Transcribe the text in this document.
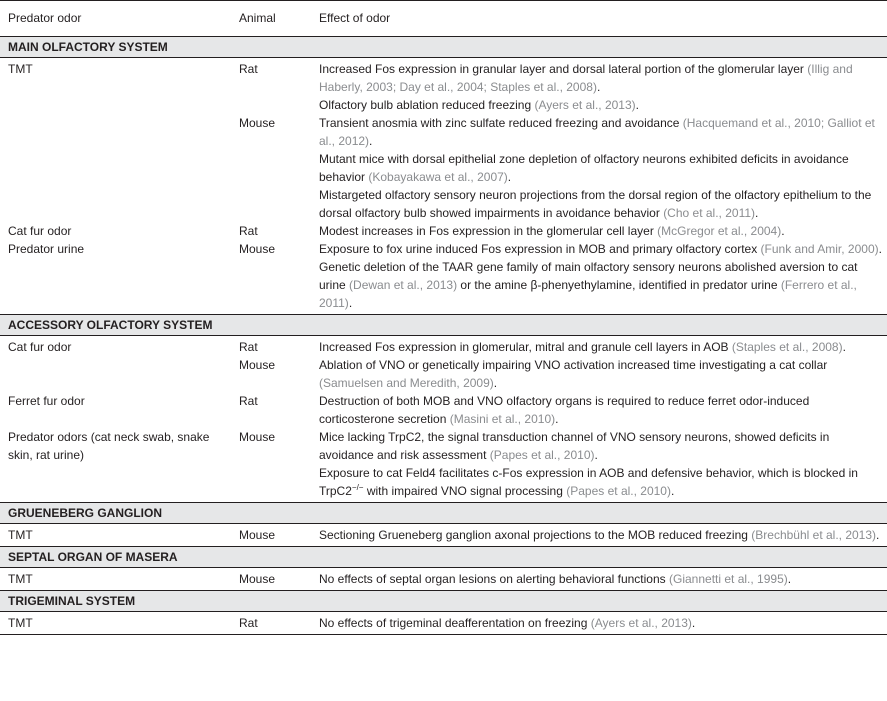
Predator odor	Animal	Effect of odor
MAIN OLFACTORY SYSTEM		
TMT	Rat	Increased Fos expression in granular layer and dorsal lateral portion of the glomerular layer (Illig and Haberly, 2003; Day et al., 2004; Staples et al., 2008).
Olfactory bulb ablation reduced freezing (Ayers et al., 2013).

	Mouse	Transient anosmia with zinc sulfate reduced freezing and avoidance (Hacquemand et al., 2010; Galliot et al., 2012).
Mutant mice with dorsal epithelial zone depletion of olfactory neurons exhibited deficits in avoidance behavior (Kobayakawa et al., 2007).
Mistargeted olfactory sensory neuron projections from the dorsal region of the olfactory epithelium to the dorsal olfactory bulb showed impairments in avoidance behavior (Cho et al., 2011).

Cat fur odor	Rat	Modest increases in Fos expression in the glomerular cell layer (McGregor et al., 2004).

Predator urine	Mouse	Exposure to fox urine induced Fos expression in MOB and primary olfactory cortex (Funk and Amir, 2000).
Genetic deletion of the TAAR gene family of main olfactory sensory neurons abolished aversion to cat urine (Dewan et al., 2013) or the amine β-phenyethylamine, identified in predator urine (Ferrero et al., 2011).

ACCESSORY OLFACTORY SYSTEM		
Cat fur odor	Rat	Increased Fos expression in glomerular, mitral and granule cell layers in AOB (Staples et al., 2008).

	Mouse	Ablation of VNO or genetically impairing VNO activation increased time investigating a cat collar (Samuelsen and Meredith, 2009).

Ferret fur odor	Rat	Destruction of both MOB and VNO olfactory organs is required to reduce ferret odor-induced corticosterone secretion (Masini et al., 2010).

Predator odors (cat neck swab, snake skin, rat urine)	Mouse	Mice lacking TrpC2, the signal transduction channel of VNO sensory neurons, showed deficits in avoidance and risk assessment (Papes et al., 2010).
Exposure to cat Feld4 facilitates c-Fos expression in AOB and defensive behavior, which is blocked in TrpC2−/− with impaired VNO signal processing (Papes et al., 2010).

GRUENEBERG GANGLION		
TMT	Mouse	Sectioning Grueneberg ganglion axonal projections to the MOB reduced freezing (Brechbühl et al., 2013).

SEPTAL ORGAN OF MASERA		
TMT	Mouse	No effects of septal organ lesions on alerting behavioral functions (Giannetti et al., 1995).

TRIGEMINAL SYSTEM		
TMT	Rat	No effects of trigeminal deafferentation on freezing (Ayers et al., 2013).
